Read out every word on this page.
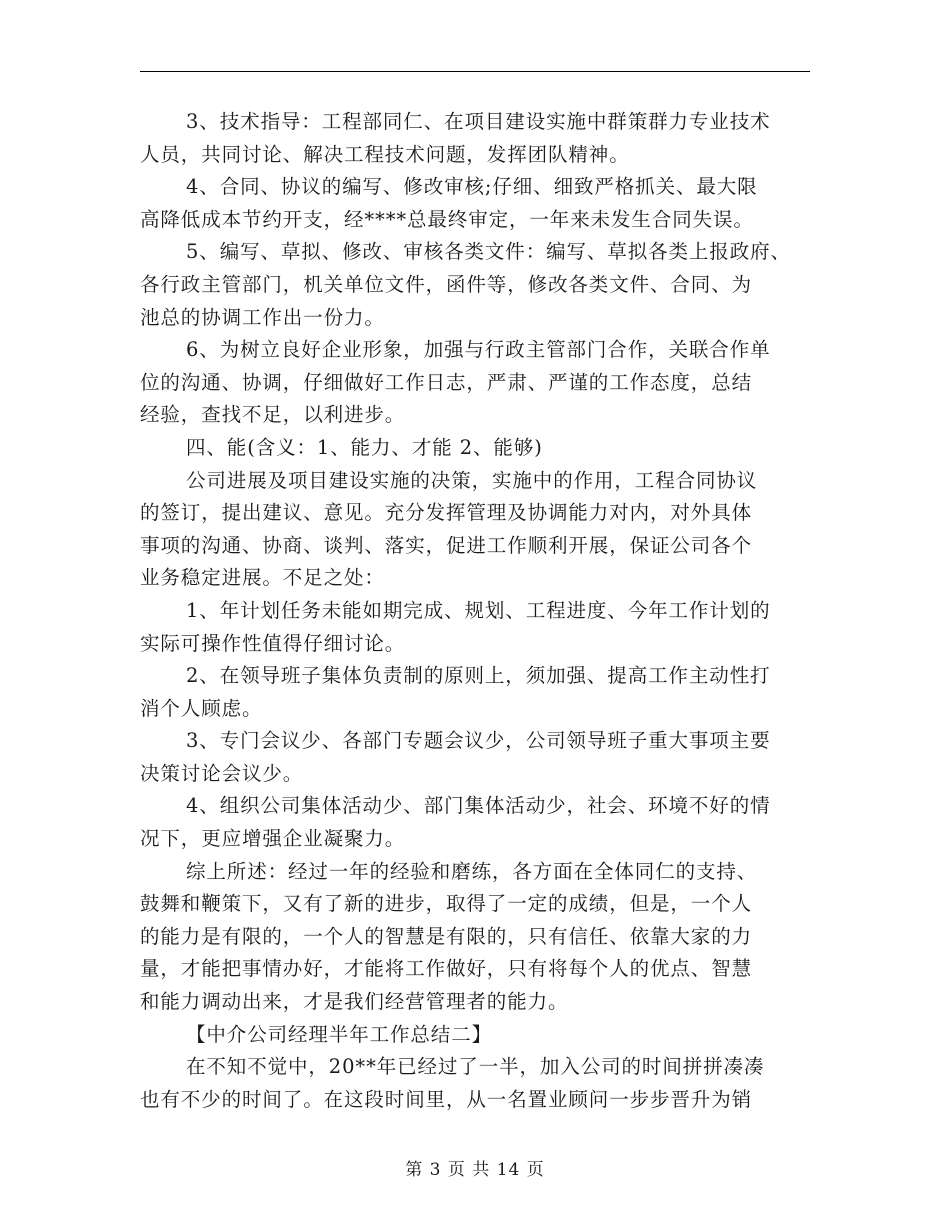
3、技术指导：工程部同仁、在项目建设实施中群策群力专业技术
人员，共同讨论、解决工程技术问题，发挥团队精神。
4、合同、协议的编写、修改审核;仔细、细致严格抓关、最大限
高降低成本节约开支，经****总最终审定，一年来未发生合同失误。
5、编写、草拟、修改、审核各类文件：编写、草拟各类上报政府、
各行政主管部门，机关单位文件，函件等，修改各类文件、合同、为
池总的协调工作出一份力。
6、为树立良好企业形象，加强与行政主管部门合作，关联合作单
位的沟通、协调，仔细做好工作日志，严肃、严谨的工作态度，总结
经验，查找不足，以利进步。
四、能(含义：1、能力、才能 2、能够)
公司进展及项目建设实施的决策，实施中的作用，工程合同协议
的签订，提出建议、意见。充分发挥管理及协调能力对内，对外具体
事项的沟通、协商、谈判、落实，促进工作顺利开展，保证公司各个
业务稳定进展。不足之处：
1、年计划任务未能如期完成、规划、工程进度、今年工作计划的
实际可操作性值得仔细讨论。
2、在领导班子集体负责制的原则上，须加强、提高工作主动性打
消个人顾虑。
3、专门会议少、各部门专题会议少，公司领导班子重大事项主要
决策讨论会议少。
4、组织公司集体活动少、部门集体活动少，社会、环境不好的情
况下，更应增强企业凝聚力。
综上所述：经过一年的经验和磨练，各方面在全体同仁的支持、
鼓舞和鞭策下，又有了新的进步，取得了一定的成绩，但是，一个人
的能力是有限的，一个人的智慧是有限的，只有信任、依靠大家的力
量，才能把事情办好，才能将工作做好，只有将每个人的优点、智慧
和能力调动出来，才是我们经营管理者的能力。
【中介公司经理半年工作总结二】
在不知不觉中，20**年已经过了一半，加入公司的时间拼拼凑凑
也有不少的时间了。在这段时间里，从一名置业顾问一步步晋升为销

第 3 页 共 14 页
